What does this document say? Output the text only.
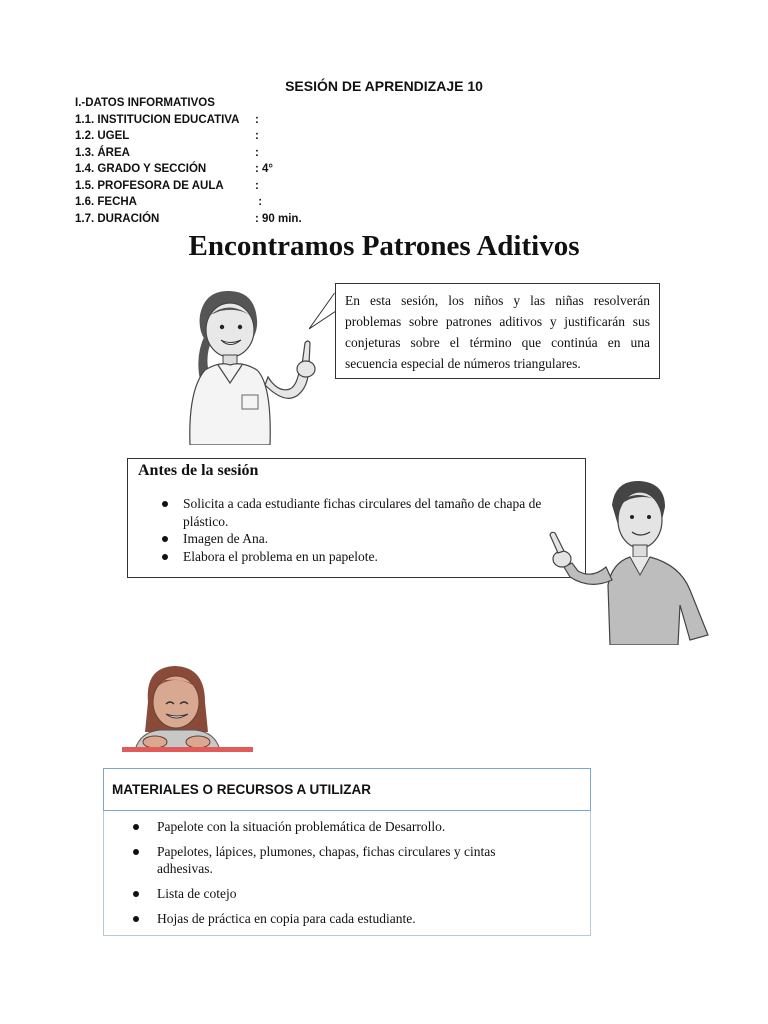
SESIÓN DE APRENDIZAJE 10
I.-DATOS INFORMATIVOS
1.1. INSTITUCION EDUCATIVA :
1.2. UGEL	:
1.3. ÁREA	:
1.4. GRADO Y SECCIÓN	: 4°
1.5. PROFESORA DE AULA	:
1.6. FECHA	:
1.7. DURACIÓN	: 90 min.
Encontramos Patrones Aditivos
En esta sesión, los niños y las niñas resolverán problemas sobre patrones aditivos y justificarán sus conjeturas sobre el término que continúa en una secuencia especial de números triangulares.
Antes de la sesión
Solicita a cada estudiante fichas circulares del tamaño de chapa de plástico.
Imagen de Ana.
Elabora el problema en un papelote.
MATERIALES O RECURSOS A UTILIZAR
Papelote con la situación problemática de Desarrollo.
Papelotes, lápices, plumones, chapas, fichas circulares y cintas adhesivas.
Lista de cotejo
Hojas de práctica en copia para cada estudiante.
